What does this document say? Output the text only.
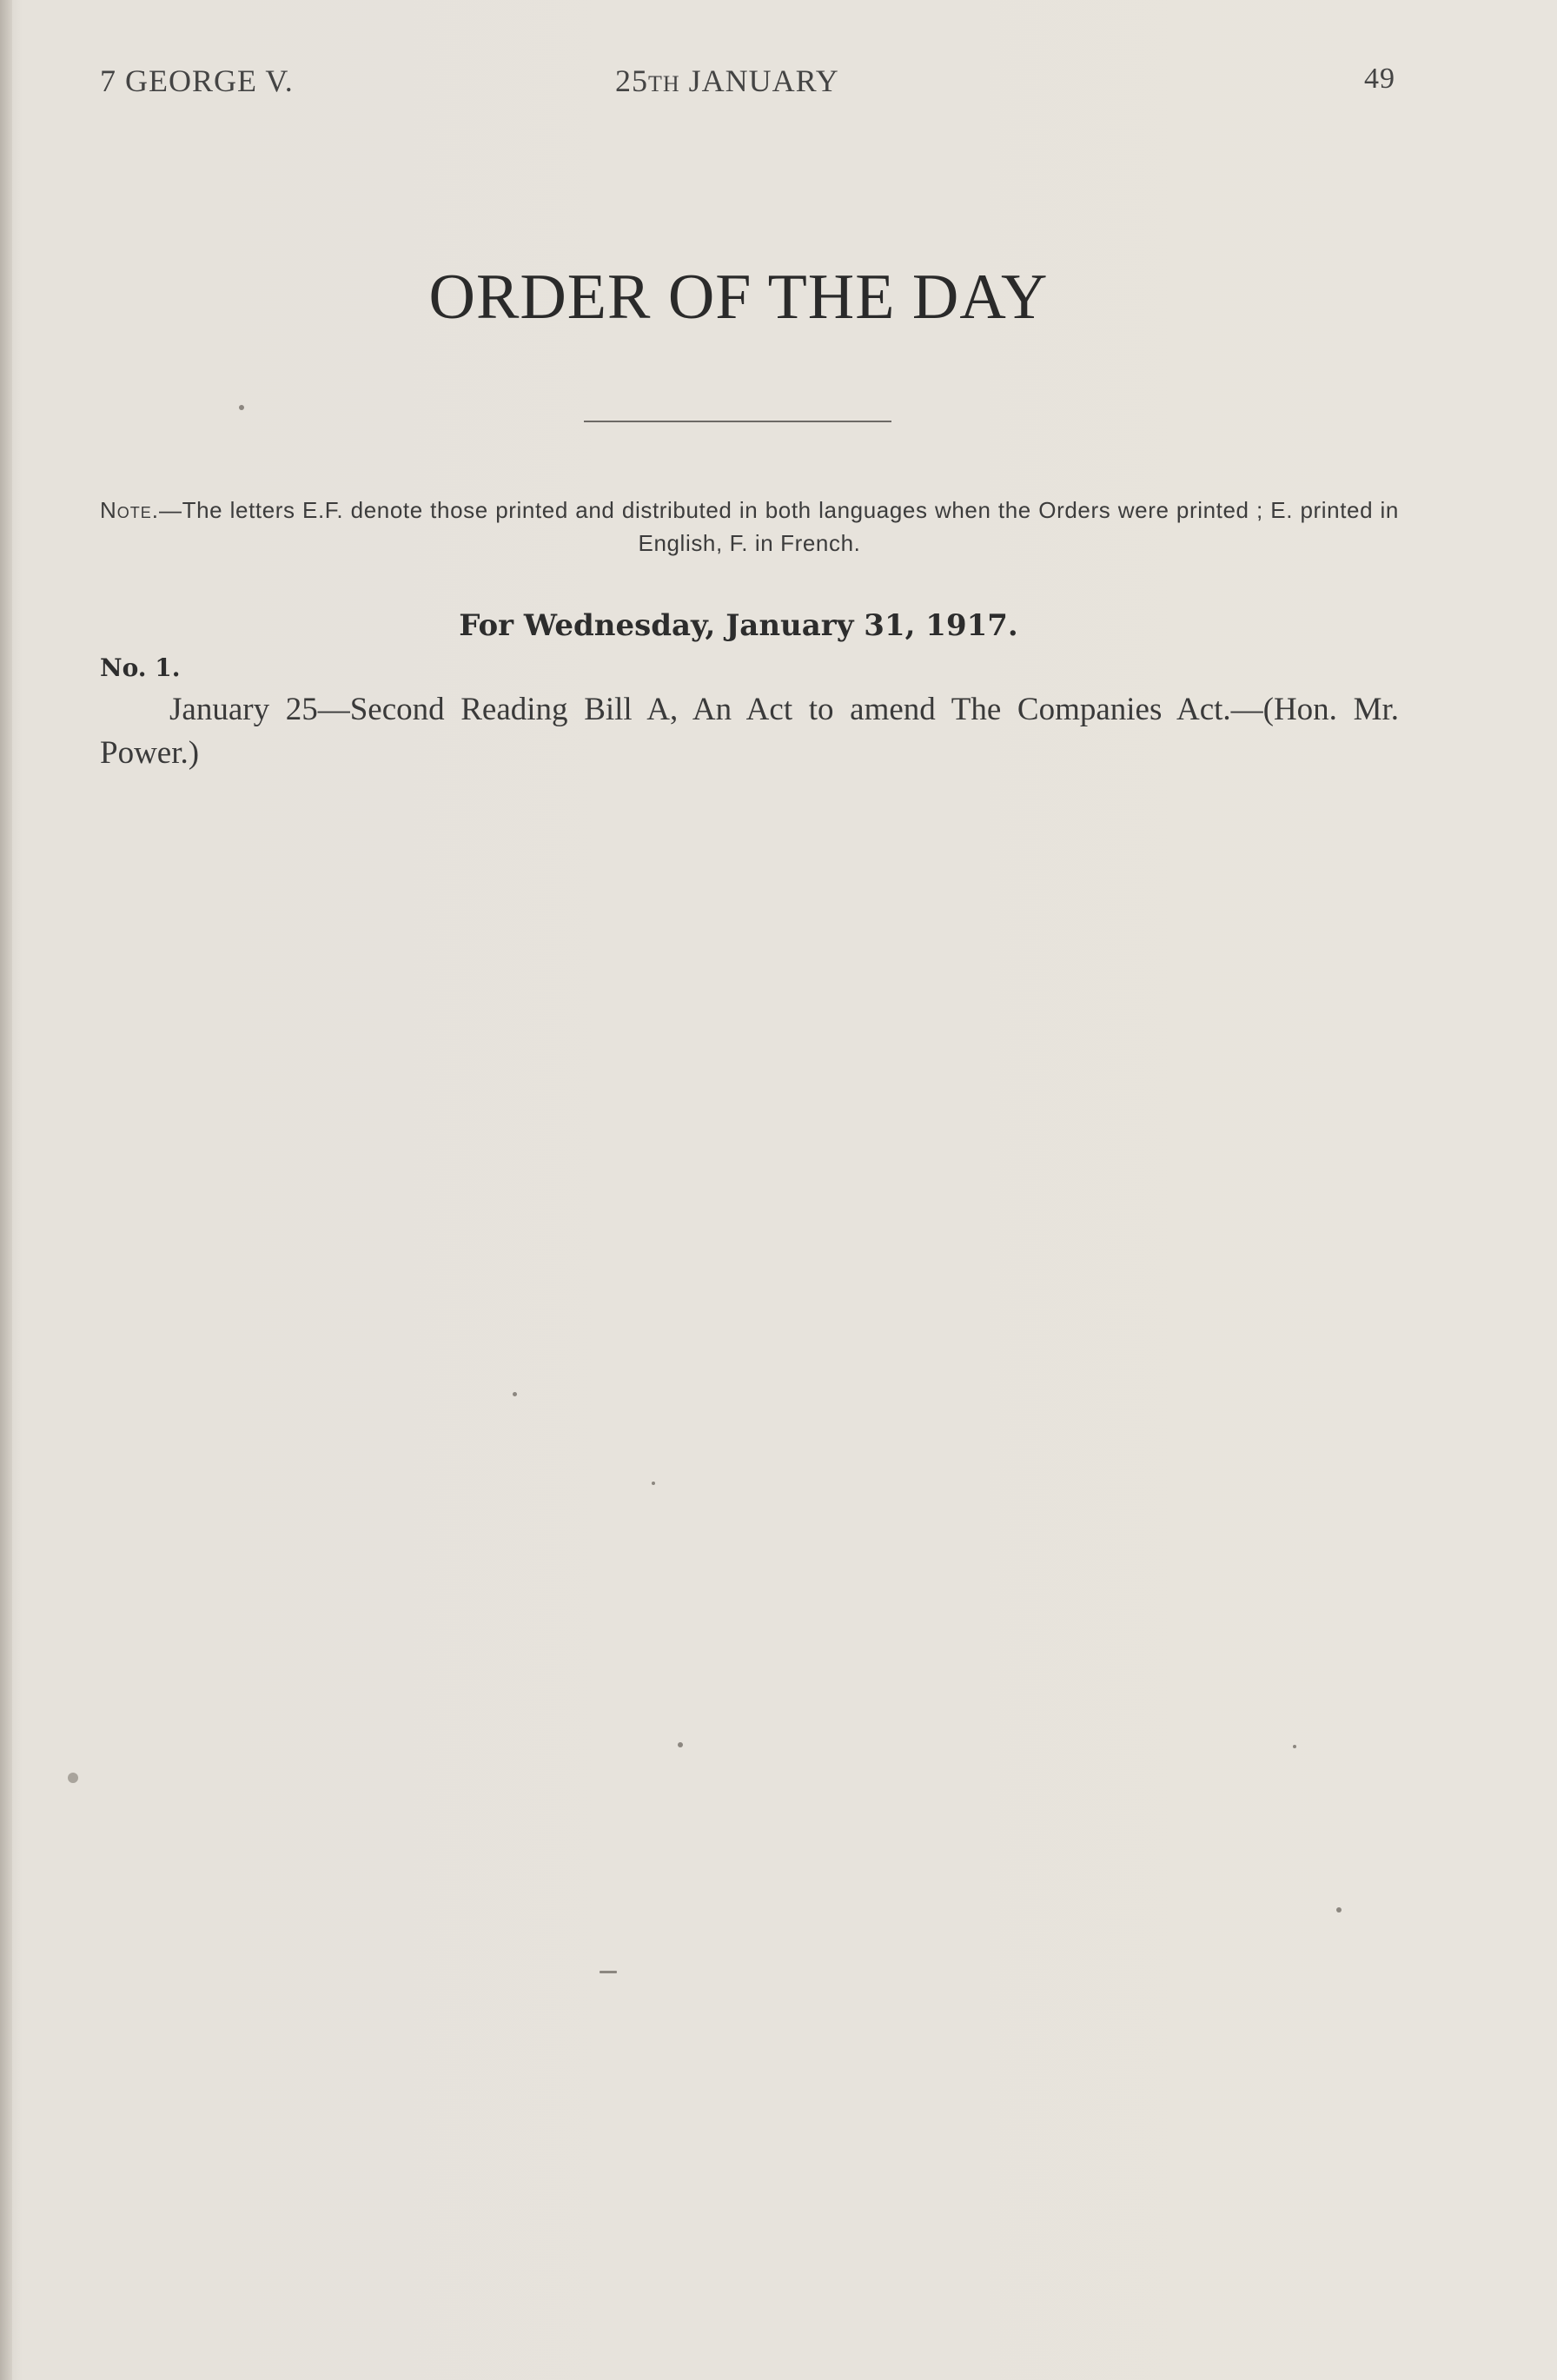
7 GEORGE V.	25TH JANUARY	49
ORDER OF THE DAY
Note.—The letters E.F. denote those printed and distributed in both languages when the Orders were printed ; E. printed in English, F. in French.
For Wednesday, January 31, 1917.
No. 1.
January 25—Second Reading Bill A, An Act to amend The Companies Act.—(Hon. Mr. Power.)
